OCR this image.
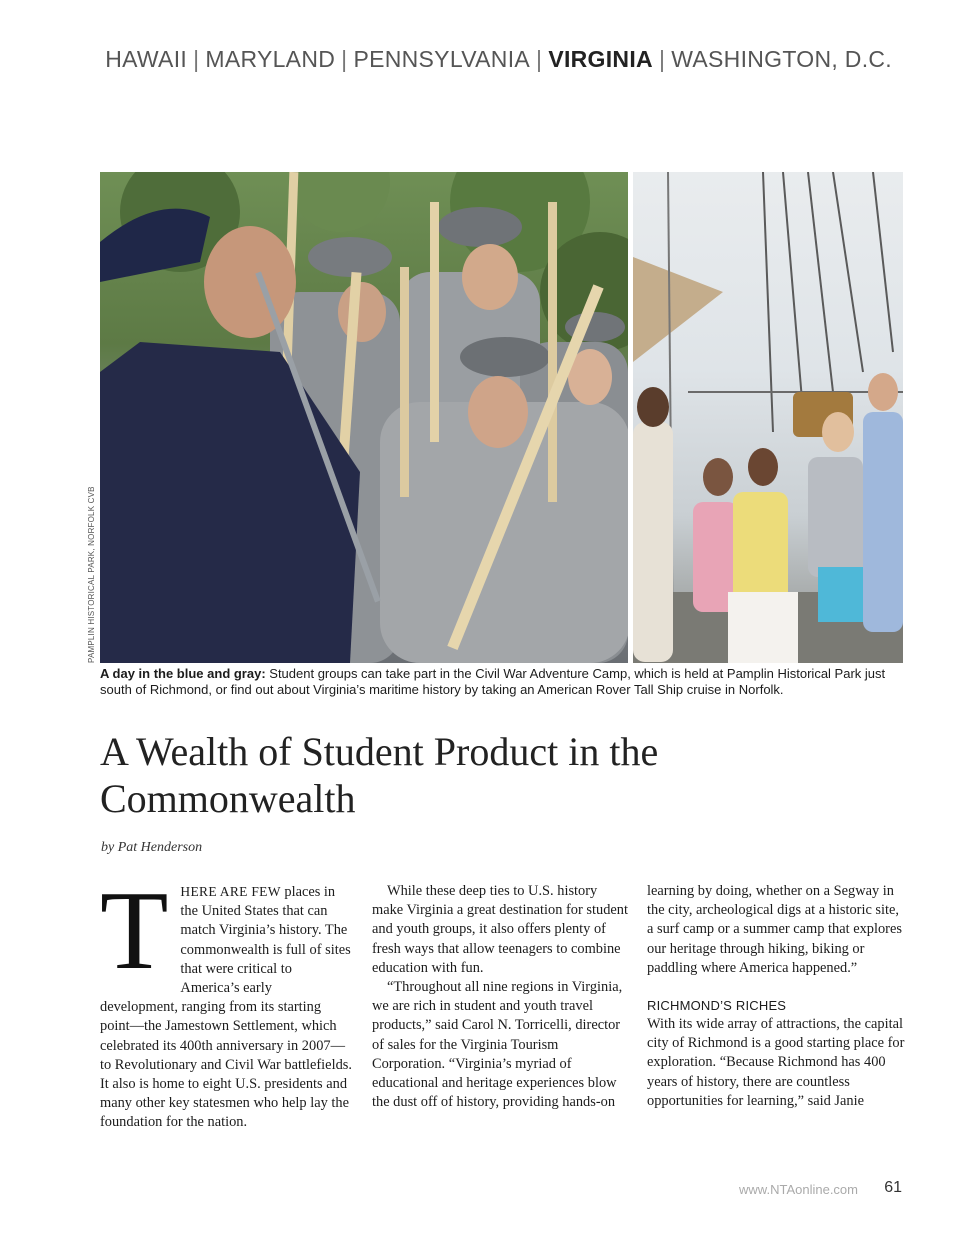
HAWAII | MARYLAND | PENNSYLVANIA | VIRGINIA | WASHINGTON, D.C.
PAMPLIN HISTORICAL PARK, NORFOLK CVB
A day in the blue and gray: Student groups can take part in the Civil War Adventure Camp, which is held at Pamplin Historical Park just south of Richmond, or find out about Virginia’s maritime history by taking an American Rover Tall Ship cruise in Norfolk.
A Wealth of Student Product in the Commonwealth
by Pat Henderson

THERE ARE FEW places in the United States that can match Virginia’s history. The commonwealth is full of sites that were critical to America’s early development, ranging from its starting point—the Jamestown Settlement, which celebrated its 400th anniversary in 2007—to Revolutionary and Civil War battlefields. It also is home to eight U.S. presidents and many other key statesmen who help lay the foundation for the nation.

While these deep ties to U.S. history make Virginia a great destination for student and youth groups, it also offers plenty of fresh ways that allow teenagers to combine education with fun.

“Throughout all nine regions in Virginia, we are rich in student and youth travel products,” said Carol N. Torricelli, director of sales for the Virginia Tourism Corporation. “Virginia’s myriad of educational and heritage experiences blow the dust off of history, providing hands-on

learning by doing, whether on a Segway in the city, archeological digs at a historic site, a surf camp or a summer camp that explores our heritage through hiking, biking or paddling where America happened.”

RICHMOND’S RICHES

With its wide array of attractions, the capital city of Richmond is a good starting place for exploration. “Because Richmond has 400 years of history, there are countless opportunities for learning,” said Janie

www.NTAonline.com 61
